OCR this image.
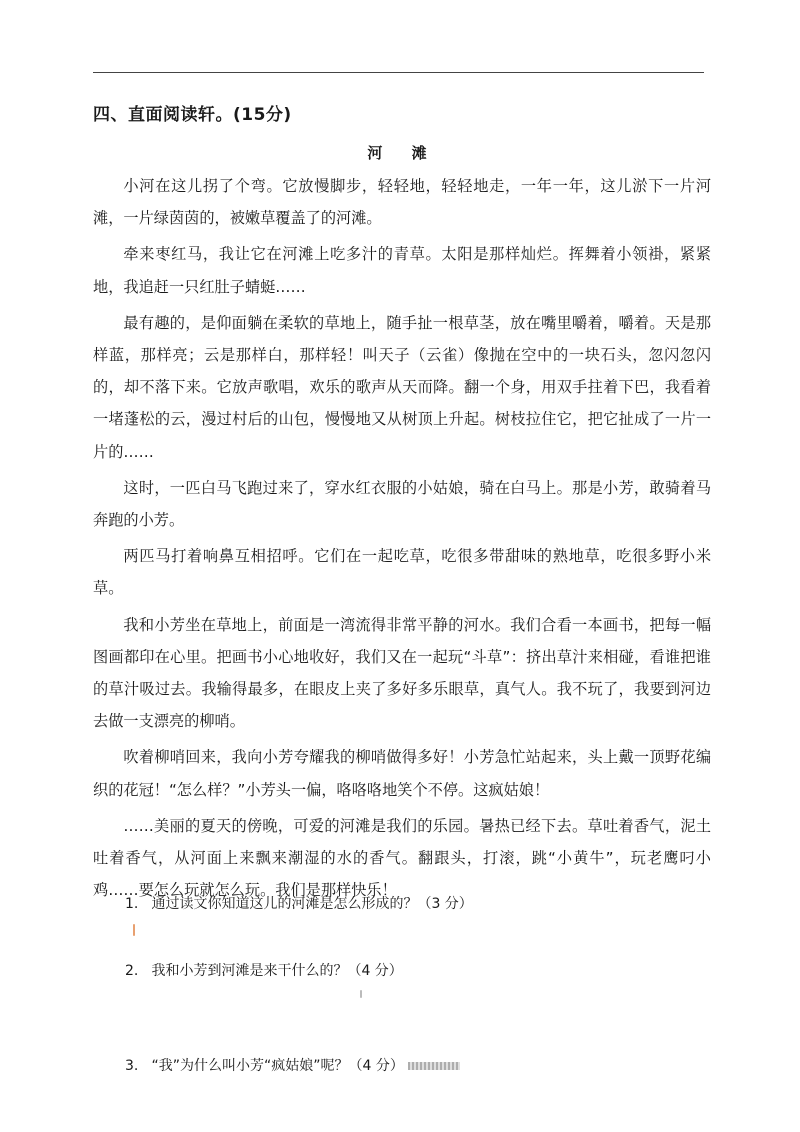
四、直面阅读轩。(15分)
河 滩

小河在这儿拐了个弯。它放慢脚步，轻轻地，轻轻地走，一年一年，这儿淤下一片河滩，一片绿茵茵的，被嫩草覆盖了的河滩。

牵来枣红马，我让它在河滩上吃多汁的青草。太阳是那样灿烂。挥舞着小领褂，紧紧地，我追赶一只红肚子蜻蜓……

最有趣的，是仰面躺在柔软的草地上，随手扯一根草茎，放在嘴里嚼着，嚼着。天是那样蓝，那样亮；云是那样白，那样轻！叫天子（云雀）像抛在空中的一块石头，忽闪忽闪的，却不落下来。它放声歌唱，欢乐的歌声从天而降。翻一个身，用双手拄着下巴，我看着一堵蓬松的云，漫过村后的山包，慢慢地又从树顶上升起。树枝拉住它，把它扯成了一片一片的……

这时，一匹白马飞跑过来了，穿水红衣服的小姑娘，骑在白马上。那是小芳，敢骑着马奔跑的小芳。

两匹马打着响鼻互相招呼。它们在一起吃草，吃很多带甜味的熟地草，吃很多野小米草。

我和小芳坐在草地上，前面是一湾流得非常平静的河水。我们合看一本画书，把每一幅图画都印在心里。把画书小心地收好，我们又在一起玩“斗草”：挤出草汁来相碰，看谁把谁的草汁吸过去。我输得最多，在眼皮上夹了多好多乐眼草，真气人。我不玩了，我要到河边去做一支漂亮的柳哨。

吹着柳哨回来，我向小芳夸耀我的柳哨做得多好！小芳急忙站起来，头上戴一顶野花编织的花冠！“怎么样？”小芳头一偏，咯咯咯地笑个不停。这疯姑娘！

……美丽的夏天的傍晚，可爱的河滩是我们的乐园。暑热已经下去。草吐着香气，泥土吐着香气，从河面上来飘来潮湿的水的香气。翻跟头，打滚，跳“小黄牛”，玩老鹰叼小鸡……要怎么玩就怎么玩。我们是那样快乐！

1. 通过读文你知道这儿的河滩是怎么形成的？（3 分）
2. 我和小芳到河滩是来干什么的？（4 分）
3. “我”为什么叫小芳“疯姑娘”呢？（4 分）
